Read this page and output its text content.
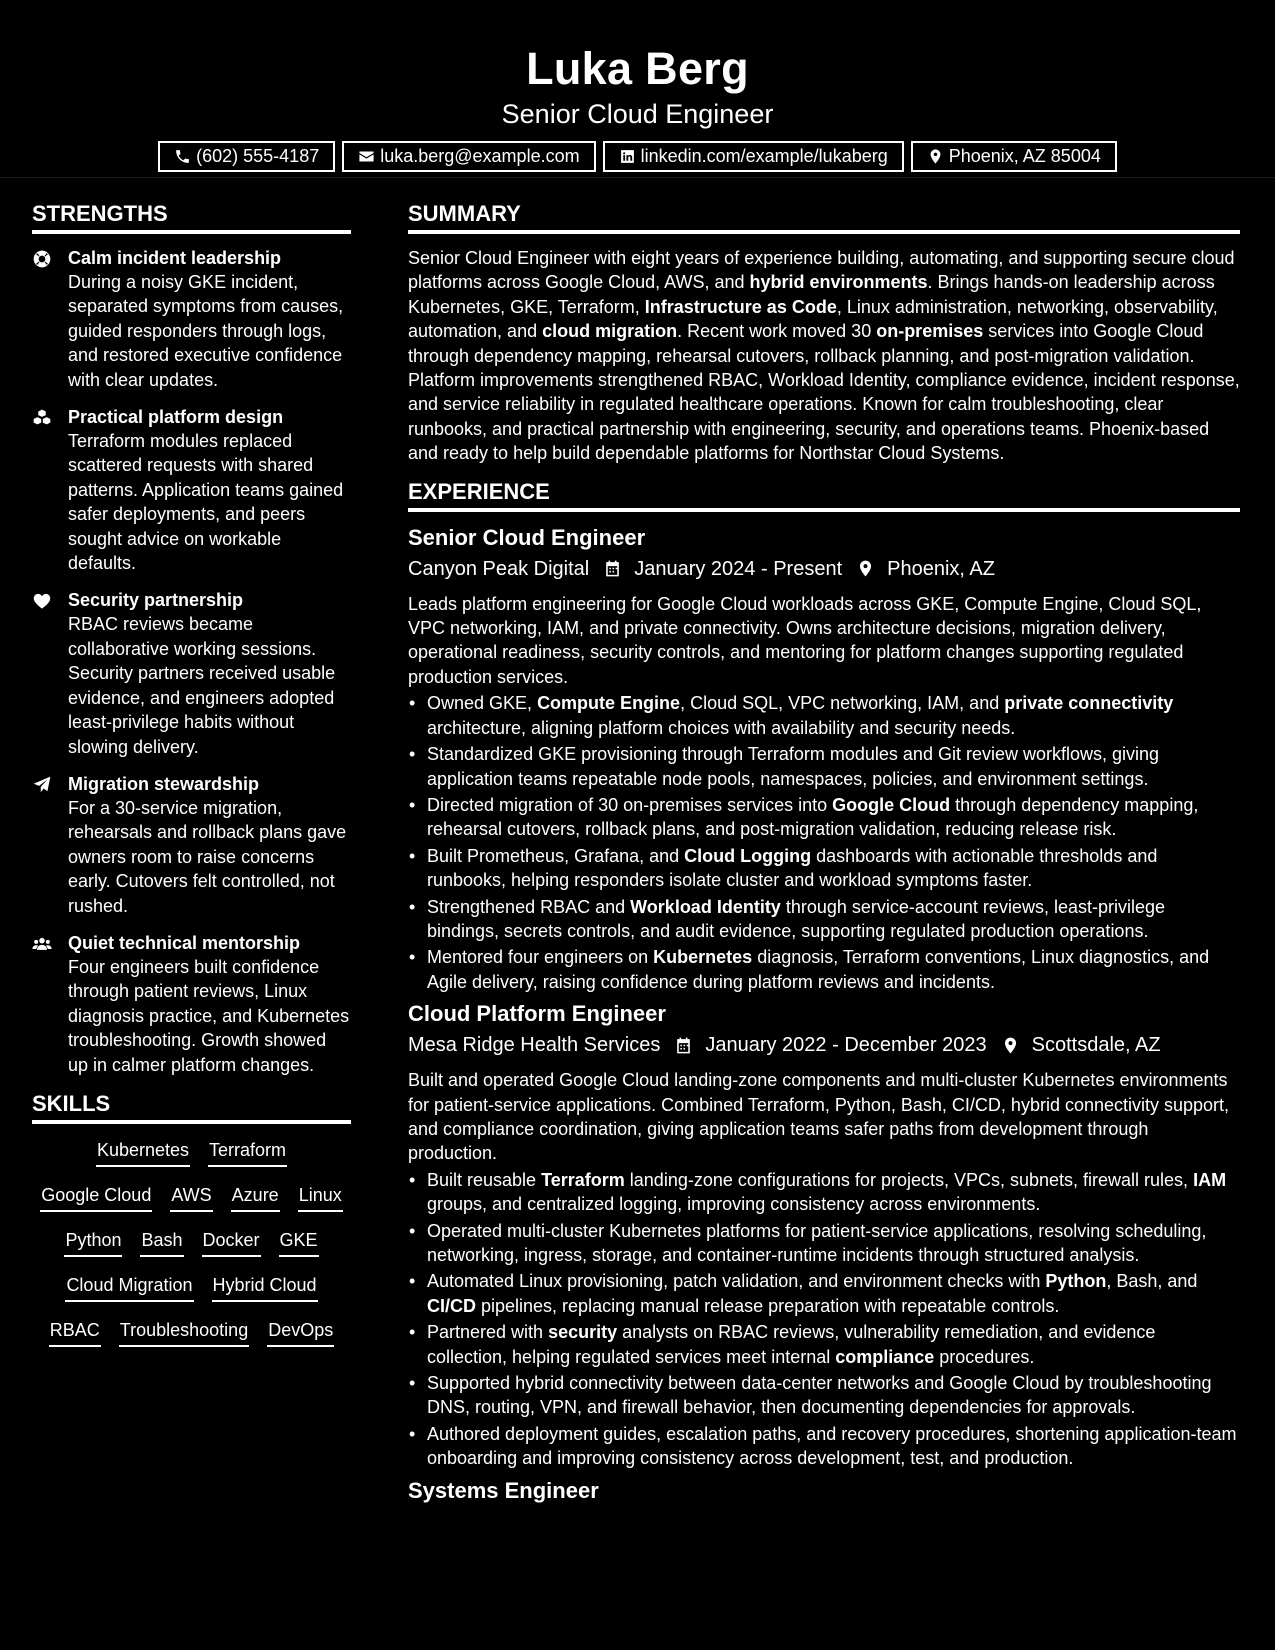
Luka Berg
Senior Cloud Engineer
(602) 555-4187	luka.berg@example.com	linkedin.com/example/lukaberg	Phoenix, AZ 85004
STRENGTHS
Calm incident leadership
During a noisy GKE incident, separated symptoms from causes, guided responders through logs, and restored executive confidence with clear updates.
Practical platform design
Terraform modules replaced scattered requests with shared patterns. Application teams gained safer deployments, and peers sought advice on workable defaults.
Security partnership
RBAC reviews became collaborative working sessions. Security partners received usable evidence, and engineers adopted least-privilege habits without slowing delivery.
Migration stewardship
For a 30-service migration, rehearsals and rollback plans gave owners room to raise concerns early. Cutovers felt controlled, not rushed.
Quiet technical mentorship
Four engineers built confidence through patient reviews, Linux diagnosis practice, and Kubernetes troubleshooting. Growth showed up in calmer platform changes.
SKILLS
Kubernetes Terraform
Google Cloud AWS Azure Linux
Python Bash Docker GKE
Cloud Migration Hybrid Cloud
RBAC Troubleshooting DevOps
SUMMARY
Senior Cloud Engineer with eight years of experience building, automating, and supporting secure cloud platforms across Google Cloud, AWS, and hybrid environments. Brings hands-on leadership across Kubernetes, GKE, Terraform, Infrastructure as Code, Linux administration, networking, observability, automation, and cloud migration. Recent work moved 30 on-premises services into Google Cloud through dependency mapping, rehearsal cutovers, rollback planning, and post-migration validation. Platform improvements strengthened RBAC, Workload Identity, compliance evidence, incident response, and service reliability in regulated healthcare operations. Known for calm troubleshooting, clear runbooks, and practical partnership with engineering, security, and operations teams. Phoenix-based and ready to help build dependable platforms for Northstar Cloud Systems.
EXPERIENCE
Senior Cloud Engineer
Canyon Peak Digital January 2024 - Present Phoenix, AZ
Leads platform engineering for Google Cloud workloads across GKE, Compute Engine, Cloud SQL, VPC networking, IAM, and private connectivity. Owns architecture decisions, migration delivery, operational readiness, security controls, and mentoring for platform changes supporting regulated production services.
• Owned GKE, Compute Engine, Cloud SQL, VPC networking, IAM, and private connectivity architecture, aligning platform choices with availability and security needs.
• Standardized GKE provisioning through Terraform modules and Git review workflows, giving application teams repeatable node pools, namespaces, policies, and environment settings.
• Directed migration of 30 on-premises services into Google Cloud through dependency mapping, rehearsal cutovers, rollback plans, and post-migration validation, reducing release risk.
• Built Prometheus, Grafana, and Cloud Logging dashboards with actionable thresholds and runbooks, helping responders isolate cluster and workload symptoms faster.
• Strengthened RBAC and Workload Identity through service-account reviews, least-privilege bindings, secrets controls, and audit evidence, supporting regulated production operations.
• Mentored four engineers on Kubernetes diagnosis, Terraform conventions, Linux diagnostics, and Agile delivery, raising confidence during platform reviews and incidents.
Cloud Platform Engineer
Mesa Ridge Health Services January 2022 - December 2023 Scottsdale, AZ
Built and operated Google Cloud landing-zone components and multi-cluster Kubernetes environments for patient-service applications. Combined Terraform, Python, Bash, CI/CD, hybrid connectivity support, and compliance coordination, giving application teams safer paths from development through production.
• Built reusable Terraform landing-zone configurations for projects, VPCs, subnets, firewall rules, IAM groups, and centralized logging, improving consistency across environments.
• Operated multi-cluster Kubernetes platforms for patient-service applications, resolving scheduling, networking, ingress, storage, and container-runtime incidents through structured analysis.
• Automated Linux provisioning, patch validation, and environment checks with Python, Bash, and CI/CD pipelines, replacing manual release preparation with repeatable controls.
• Partnered with security analysts on RBAC reviews, vulnerability remediation, and evidence collection, helping regulated services meet internal compliance procedures.
• Supported hybrid connectivity between data-center networks and Google Cloud by troubleshooting DNS, routing, VPN, and firewall behavior, then documenting dependencies for approvals.
• Authored deployment guides, escalation paths, and recovery procedures, shortening application-team onboarding and improving consistency across development, test, and production.
Systems Engineer
